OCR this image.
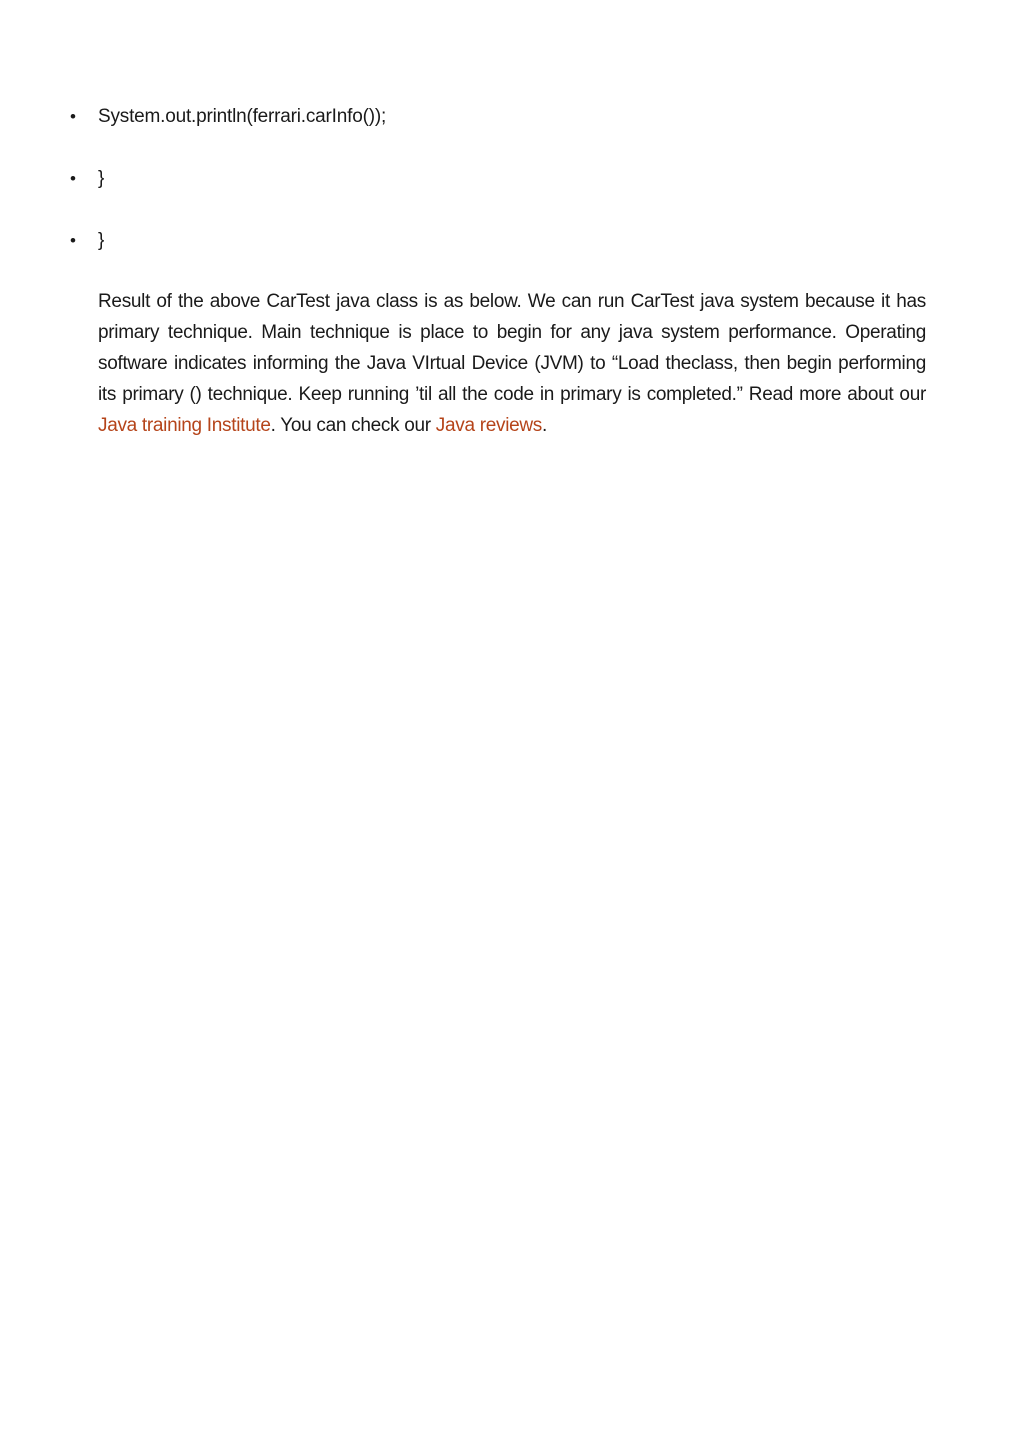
• System.out.println(ferrari.carInfo());
• }
• }

Result of the above CarTest java class is as below. We can run CarTest java system because it has primary technique. Main technique is place to begin for any java system performance. Operating software indicates informing the Java VIrtual Device (JVM) to “Load theclass, then begin performing its primary () technique. Keep running ’til all the code in primary is completed.” Read more about our Java training Institute. You can check our Java reviews.
